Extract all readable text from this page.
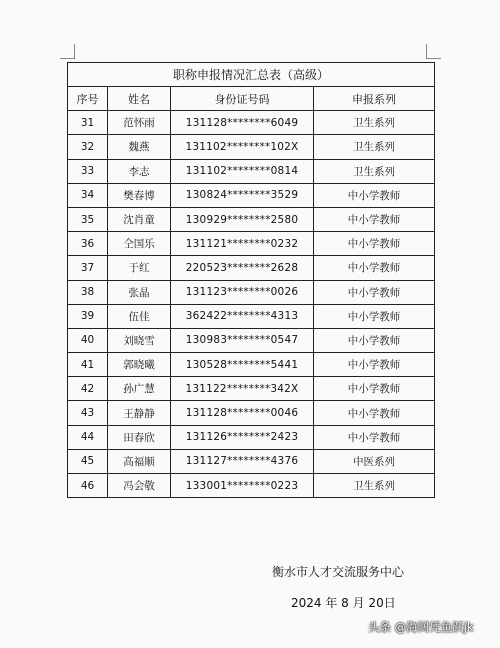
职称申报情况汇总表（高级）			
序号	姓名	身份证号码	申报系列
31	范怀雨	131128********6049	卫生系列
32	魏燕	131102********102X	卫生系列
33	李志	131102********0814	卫生系列
34	樊春博	130824********3529	中小学教师
35	沈肖童	130929********2580	中小学教师
36	仝国乐	131121********0232	中小学教师
37	于红	220523********2628	中小学教师
38	张晶	131123********0026	中小学教师
39	伍佳	362422********4313	中小学教师
40	刘晓雪	130983********0547	中小学教师
41	郭晓曦	130528********5441	中小学教师
42	孙广慧	131122********342X	中小学教师
43	王静静	131128********0046	中小学教师
44	田春欣	131126********2423	中小学教师
45	高福顺	131127********4376	中医系列
46	冯会敬	133001********0223	卫生系列
衡水市人才交流服务中心
2024 年 8 月 20日
头条 @海阔凭鱼跃jk
